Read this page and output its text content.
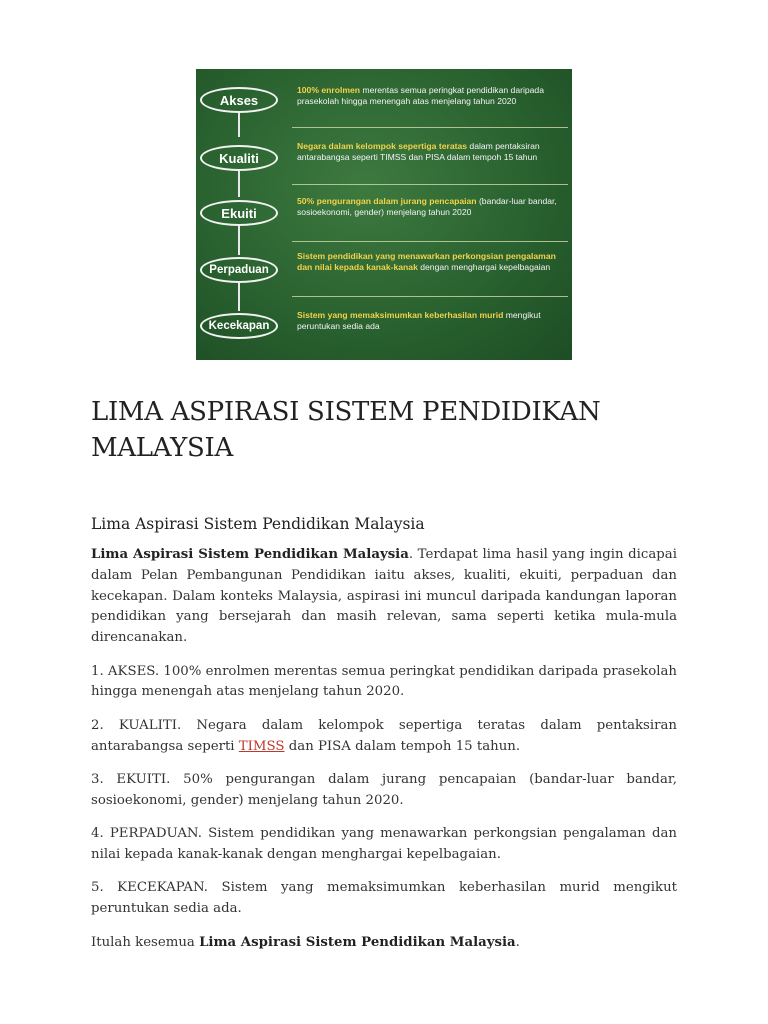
Akses
100% enrolmen merentas semua peringkat pendidikan daripada prasekolah hingga menengah atas menjelang tahun 2020
Kualiti
Negara dalam kelompok sepertiga teratas dalam pentaksiran antarabangsa seperti TIMSS dan PISA dalam tempoh 15 tahun
Ekuiti
50% pengurangan dalam jurang pencapaian (bandar-luar bandar, sosioekonomi, gender) menjelang tahun 2020
Perpaduan
Sistem pendidikan yang menawarkan perkongsian pengalaman dan nilai kepada kanak-kanak dengan menghargai kepelbagaian
Kecekapan
Sistem yang memaksimumkan keberhasilan murid mengikut peruntukan sedia ada
LIMA ASPIRASI SISTEM PENDIDIKAN MALAYSIA
Lima Aspirasi Sistem Pendidikan Malaysia

Lima Aspirasi Sistem Pendidikan Malaysia. Terdapat lima hasil yang ingin dicapai dalam Pelan Pembangunan Pendidikan iaitu akses, kualiti, ekuiti, perpaduan dan kecekapan. Dalam konteks Malaysia, aspirasi ini muncul daripada kandungan laporan pendidikan yang bersejarah dan masih relevan, sama seperti ketika mula-mula direncanakan.

1. AKSES. 100% enrolmen merentas semua peringkat pendidikan daripada prasekolah hingga menengah atas menjelang tahun 2020.

2. KUALITI. Negara dalam kelompok sepertiga teratas dalam pentaksiran antarabangsa seperti TIMSS dan PISA dalam tempoh 15 tahun.

3. EKUITI. 50% pengurangan dalam jurang pencapaian (bandar-luar bandar, sosioekonomi, gender) menjelang tahun 2020.

4. PERPADUAN. Sistem pendidikan yang menawarkan perkongsian pengalaman dan nilai kepada kanak-kanak dengan menghargai kepelbagaian.

5. KECEKAPAN. Sistem yang memaksimumkan keberhasilan murid mengikut peruntukan sedia ada.

Itulah kesemua Lima Aspirasi Sistem Pendidikan Malaysia.
